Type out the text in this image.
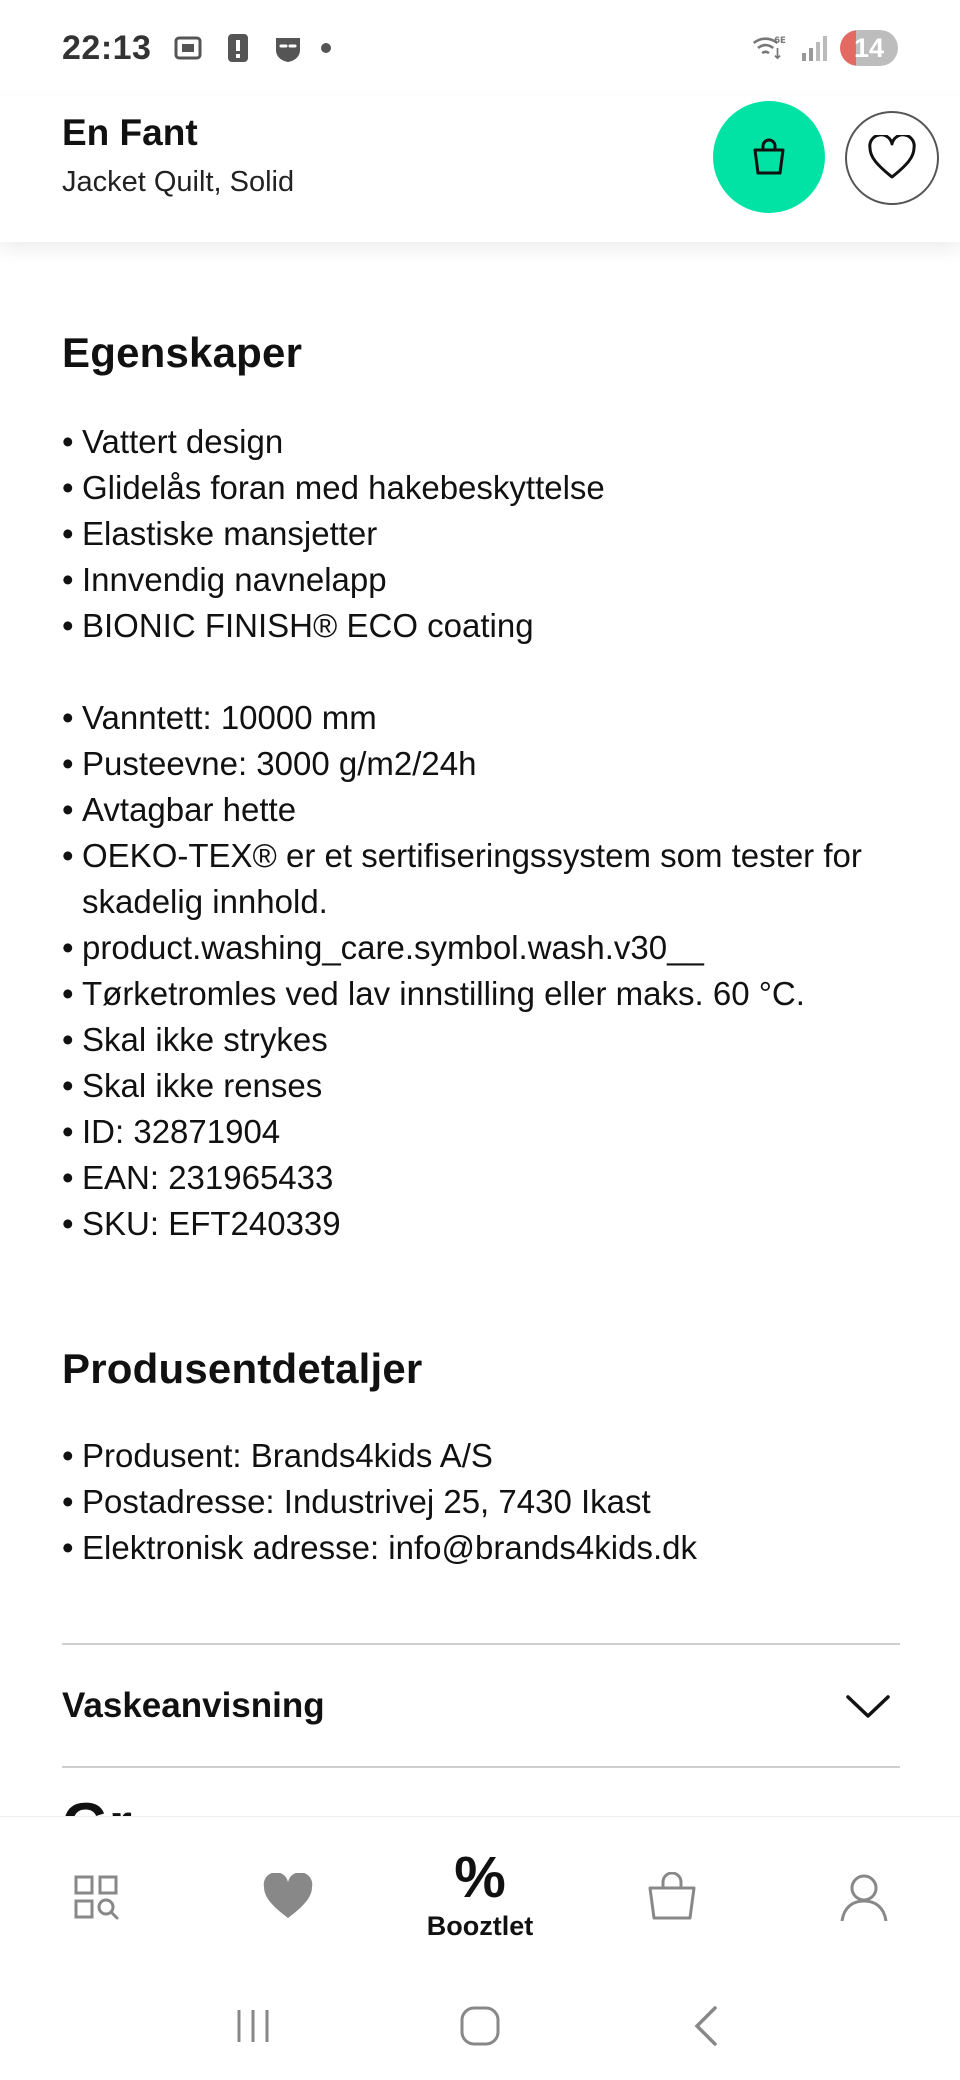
22:13	6E	14
En Fant
Jacket Quilt, Solid
Egenskaper
• Vattert design
• Glidelås foran med hakebeskyttelse
• Elastiske mansjetter
• Innvendig navnelapp
• BIONIC FINISH® ECO coating
• Vanntett: 10000 mm
• Pusteevne: 3000 g/m2/24h
• Avtagbar hette
• OEKO-TEX® er et sertifiseringssystem som tester for skadelig innhold.
• product.washing_care.symbol.wash.v30__
• Tørketromles ved lav innstilling eller maks. 60 °C.
• Skal ikke strykes
• Skal ikke renses
• ID: 32871904
• EAN: 231965433
• SKU: EFT240339
Produsentdetaljer
• Produsent: Brands4kids A/S
• Postadresse: Industrivej 25, 7430 Ikast
• Elektronisk adresse: info@brands4kids.dk
Vaskeanvisning
%
Booztlet
